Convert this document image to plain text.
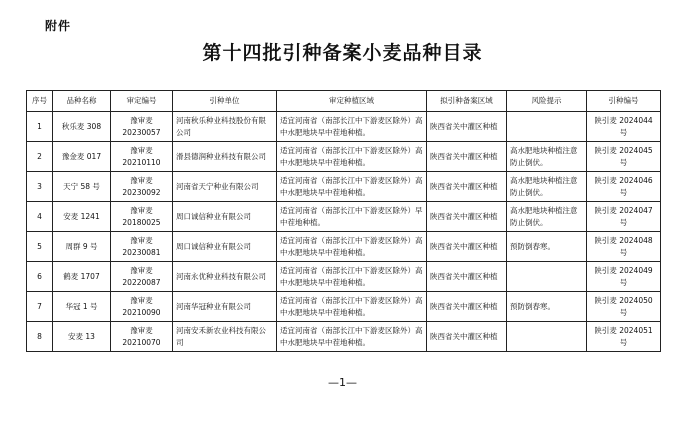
附件
第十四批引种备案小麦品种目录
序号	品种名称	审定编号	引种单位	审定种植区域	拟引种备案区域	风险提示	引种编号
1	秋乐麦 308	豫审麦 20230057	河南秋乐种业科技股份有限公司	适宜河南省（南部长江中下游麦区除外）高中水肥地块早中茬地种植。	陕西省关中灌区种植		陕引麦 2024044 号
2	豫金麦 017	豫审麦 20210110	滑县德润种业科技有限公司	适宜河南省（南部长江中下游麦区除外）高中水肥地块早中茬地种植。	陕西省关中灌区种植	高水肥地块种植注意防止倒伏。	陕引麦 2024045 号
3	天宁 58 号	豫审麦 20230092	河南省天宁种业有限公司	适宜河南省（南部长江中下游麦区除外）高中水肥地块早中茬地种植。	陕西省关中灌区种植	高水肥地块种植注意防止倒伏。	陕引麦 2024046 号
4	安麦 1241	豫审麦 20180025	周口诚信种业有限公司	适宜河南省（南部长江中下游麦区除外）早中茬地种植。	陕西省关中灌区种植	高水肥地块种植注意防止倒伏。	陕引麦 2024047 号
5	周群 9 号	豫审麦 20230081	周口诚信种业有限公司	适宜河南省（南部长江中下游麦区除外）高中水肥地块早中茬地种植。	陕西省关中灌区种植	预防倒春寒。	陕引麦 2024048 号
6	鹤麦 1707	豫审麦 20220087	河南永优种业科技有限公司	适宜河南省（南部长江中下游麦区除外）高中水肥地块早中茬地种植。	陕西省关中灌区种植		陕引麦 2024049 号
7	华冠 1 号	豫审麦 20210090	河南华冠种业有限公司	适宜河南省（南部长江中下游麦区除外）高中水肥地块早中茬地种植。	陕西省关中灌区种植	预防倒春寒。	陕引麦 2024050 号
8	安麦 13	豫审麦 20210070	河南安禾新农业科技有限公司	适宜河南省（南部长江中下游麦区除外）高中水肥地块早中茬地种植。	陕西省关中灌区种植		陕引麦 2024051 号
—1—
